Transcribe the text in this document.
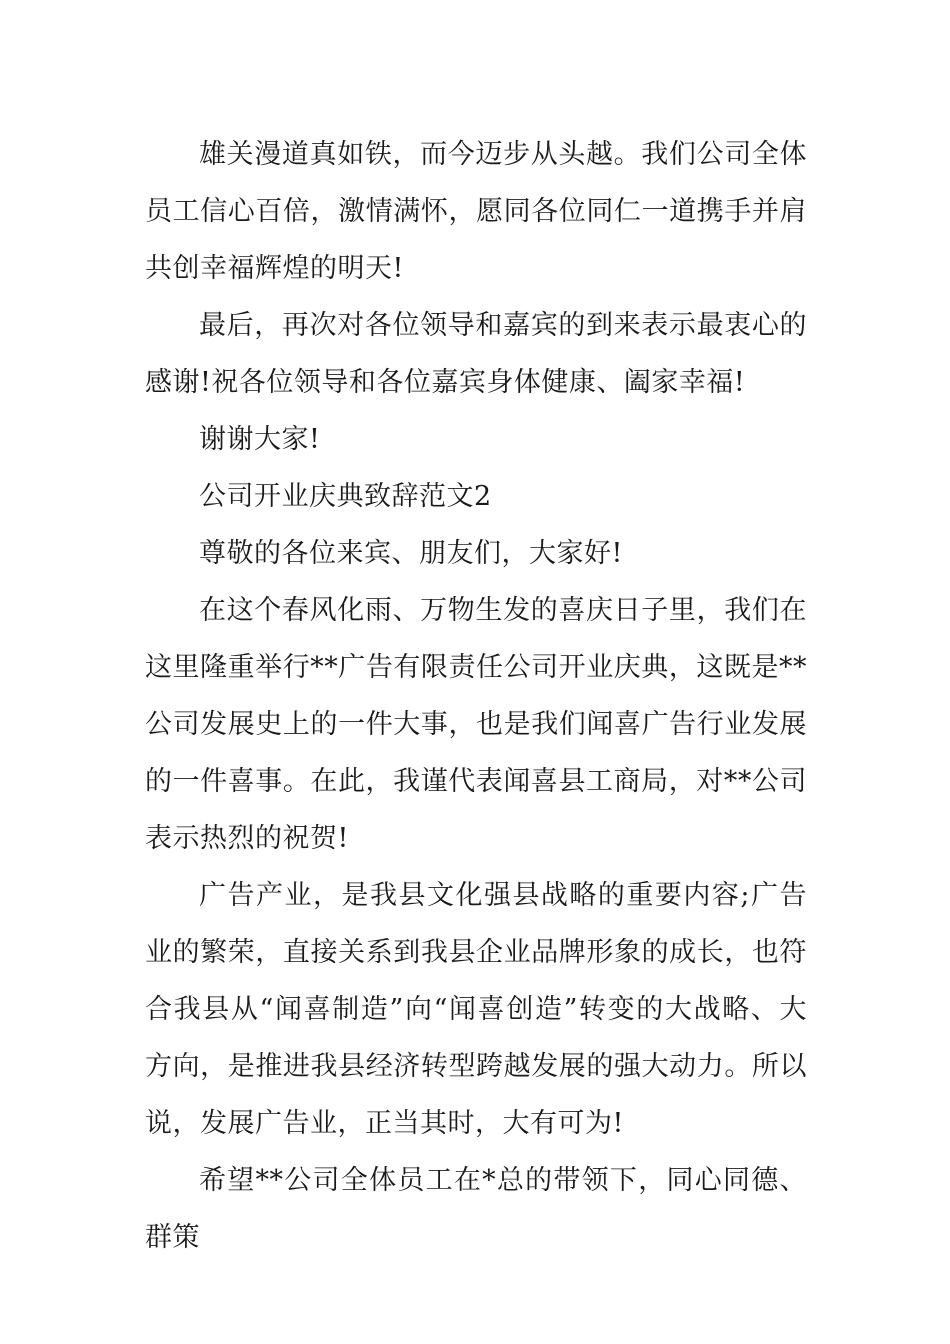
雄关漫道真如铁，而今迈步从头越。我们公司全体员工信心百倍，激情满怀，愿同各位同仁一道携手并肩共创幸福辉煌的明天!

最后，再次对各位领导和嘉宾的到来表示最衷心的感谢!祝各位领导和各位嘉宾身体健康、阖家幸福!

谢谢大家!

公司开业庆典致辞范文2

尊敬的各位来宾、朋友们，大家好!

在这个春风化雨、万物生发的喜庆日子里，我们在这里隆重举行**广告有限责任公司开业庆典，这既是**公司发展史上的一件大事，也是我们闻喜广告行业发展的一件喜事。在此，我谨代表闻喜县工商局，对**公司表示热烈的祝贺!

广告产业，是我县文化强县战略的重要内容;广告业的繁荣，直接关系到我县企业品牌形象的成长，也符合我县从“闻喜制造”向“闻喜创造”转变的大战略、大方向，是推进我县经济转型跨越发展的强大动力。所以说，发展广告业，正当其时，大有可为!

希望**公司全体员工在*总的带领下，同心同德、群策
